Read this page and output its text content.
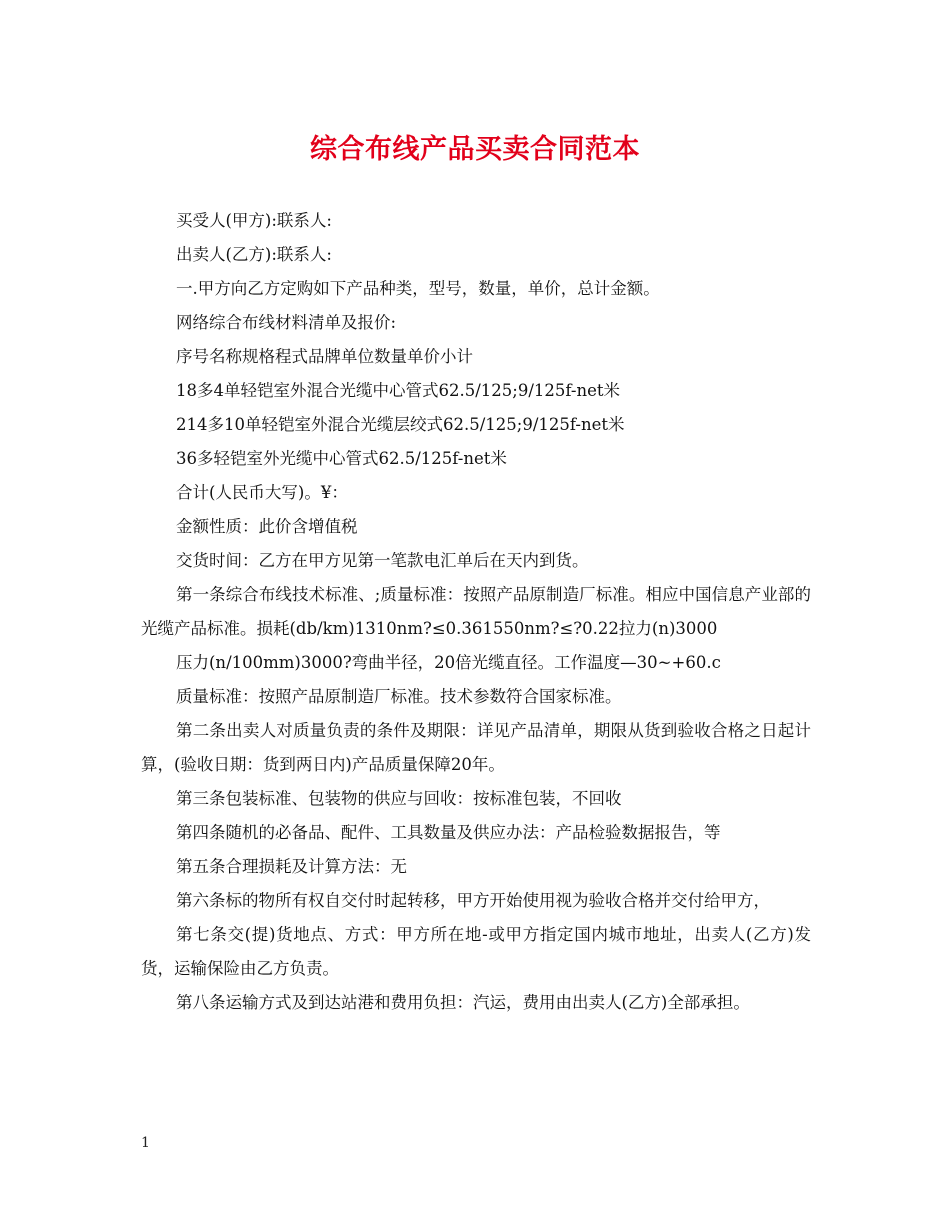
综合布线产品买卖合同范本

买受人(甲方):联系人:

出卖人(乙方):联系人:

一.甲方向乙方定购如下产品种类，型号，数量，单价，总计金额。

网络综合布线材料清单及报价:

序号名称规格程式品牌单位数量单价小计

18多4单轻铠室外混合光缆中心管式62.5/125;9/125f-net米

214多10单轻铠室外混合光缆层绞式62.5/125;9/125f-net米

36多轻铠室外光缆中心管式62.5/125f-net米

合计(人民币大写)。¥：

金额性质：此价含增值税

交货时间：乙方在甲方见第一笔款电汇单后在天内到货。

第一条综合布线技术标准、;质量标准：按照产品原制造厂标准。相应中国信息产业部的光缆产品标准。损耗(db/km)1310nm?≤0.361550nm?≤?0.22拉力(n)3000

压力(n/100mm)3000?弯曲半径，20倍光缆直径。工作温度—30~+60.c

质量标准：按照产品原制造厂标准。技术参数符合国家标准。

第二条出卖人对质量负责的条件及期限：详见产品清单，期限从货到验收合格之日起计算，(验收日期：货到两日内)产品质量保障20年。

第三条包装标准、包装物的供应与回收：按标准包装，不回收

第四条随机的必备品、配件、工具数量及供应办法：产品检验数据报告，等

第五条合理损耗及计算方法：无

第六条标的物所有权自交付时起转移，甲方开始使用视为验收合格并交付给甲方，

第七条交(提)货地点、方式：甲方所在地-或甲方指定国内城市地址，出卖人(乙方)发货，运输保险由乙方负责。

第八条运输方式及到达站港和费用负担：汽运，费用由出卖人(乙方)全部承担。

1
